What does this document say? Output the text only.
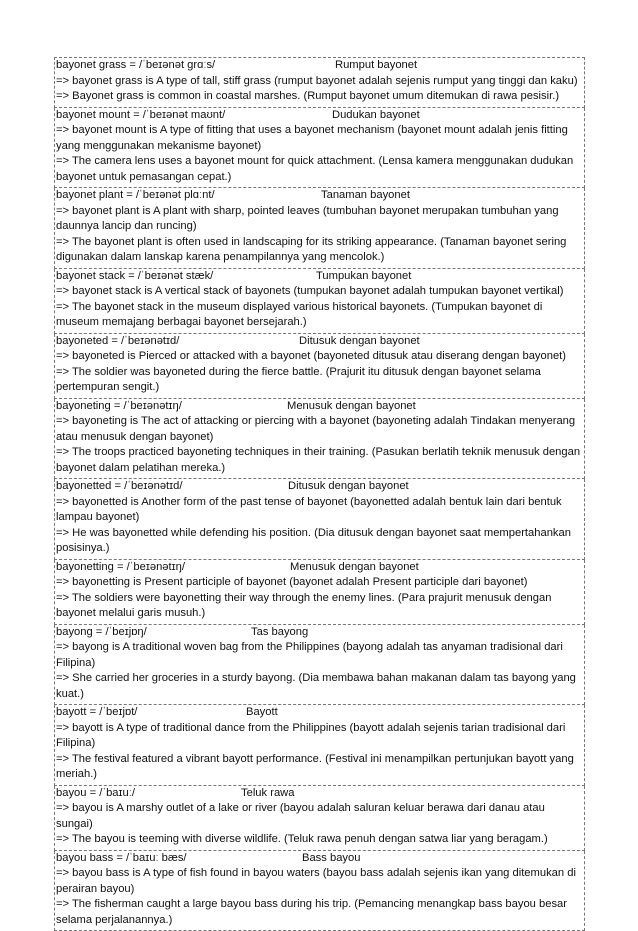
bayonet grass = /ˈbeɪənət ɡrɑːs/	Rumput bayonet
=> bayonet grass is A type of tall, stiff grass (rumput bayonet adalah sejenis rumput yang tinggi dan kaku)
=> Bayonet grass is common in coastal marshes. (Rumput bayonet umum ditemukan di rawa pesisir.)
bayonet mount = /ˈbeɪənət maʊnt/	Dudukan bayonet
=> bayonet mount is A type of fitting that uses a bayonet mechanism (bayonet mount adalah jenis fitting yang menggunakan mekanisme bayonet)
=> The camera lens uses a bayonet mount for quick attachment. (Lensa kamera menggunakan dudukan bayonet untuk pemasangan cepat.)
bayonet plant = /ˈbeɪənət plɑːnt/	Tanaman bayonet
=> bayonet plant is A plant with sharp, pointed leaves (tumbuhan bayonet merupakan tumbuhan yang daunnya lancip dan runcing)
=> The bayonet plant is often used in landscaping for its striking appearance. (Tanaman bayonet sering digunakan dalam lanskap karena penampilannya yang mencolok.)
bayonet stack = /ˈbeɪənət stæk/	Tumpukan bayonet
=> bayonet stack is A vertical stack of bayonets (tumpukan bayonet adalah tumpukan bayonet vertikal)
=> The bayonet stack in the museum displayed various historical bayonets. (Tumpukan bayonet di museum memajang berbagai bayonet bersejarah.)
bayoneted = /ˈbeɪənətɪd/	Ditusuk dengan bayonet
=> bayoneted is Pierced or attacked with a bayonet (bayoneted ditusuk atau diserang dengan bayonet)
=> The soldier was bayoneted during the fierce battle. (Prajurit itu ditusuk dengan bayonet selama pertempuran sengit.)
bayoneting = /ˈbeɪənətɪŋ/	Menusuk dengan bayonet
=> bayoneting is The act of attacking or piercing with a bayonet (bayoneting adalah Tindakan menyerang atau menusuk dengan bayonet)
=> The troops practiced bayoneting techniques in their training. (Pasukan berlatih teknik menusuk dengan bayonet dalam pelatihan mereka.)
bayonetted = /ˈbeɪənətɪd/	Ditusuk dengan bayonet
=> bayonetted is Another form of the past tense of bayonet (bayonetted adalah bentuk lain dari bentuk lampau bayonet)
=> He was bayonetted while defending his position. (Dia ditusuk dengan bayonet saat mempertahankan posisinya.)
bayonetting = /ˈbeɪənətɪŋ/	Menusuk dengan bayonet
=> bayonetting is Present participle of bayonet (bayonet adalah Present participle dari bayonet)
=> The soldiers were bayonetting their way through the enemy lines. (Para prajurit menusuk dengan bayonet melalui garis musuh.)
bayong = /ˈbeɪjɒŋ/	Tas bayong
=> bayong is A traditional woven bag from the Philippines (bayong adalah tas anyaman tradisional dari Filipina)
=> She carried her groceries in a sturdy bayong. (Dia membawa bahan makanan dalam tas bayong yang kuat.)
bayott = /ˈbeɪjɒt/	Bayott
=> bayott is A type of traditional dance from the Philippines (bayott adalah sejenis tarian tradisional dari Filipina)
=> The festival featured a vibrant bayott performance. (Festival ini menampilkan pertunjukan bayott yang meriah.)
bayou = /ˈbaɪuː/	Teluk rawa
=> bayou is A marshy outlet of a lake or river (bayou adalah saluran keluar berawa dari danau atau sungai)
=> The bayou is teeming with diverse wildlife. (Teluk rawa penuh dengan satwa liar yang beragam.)
bayou bass = /ˈbaɪuː bæs/	Bass bayou
=> bayou bass is A type of fish found in bayou waters (bayou bass adalah sejenis ikan yang ditemukan di perairan bayou)
=> The fisherman caught a large bayou bass during his trip. (Pemancing menangkap bass bayou besar selama perjalanannya.)
